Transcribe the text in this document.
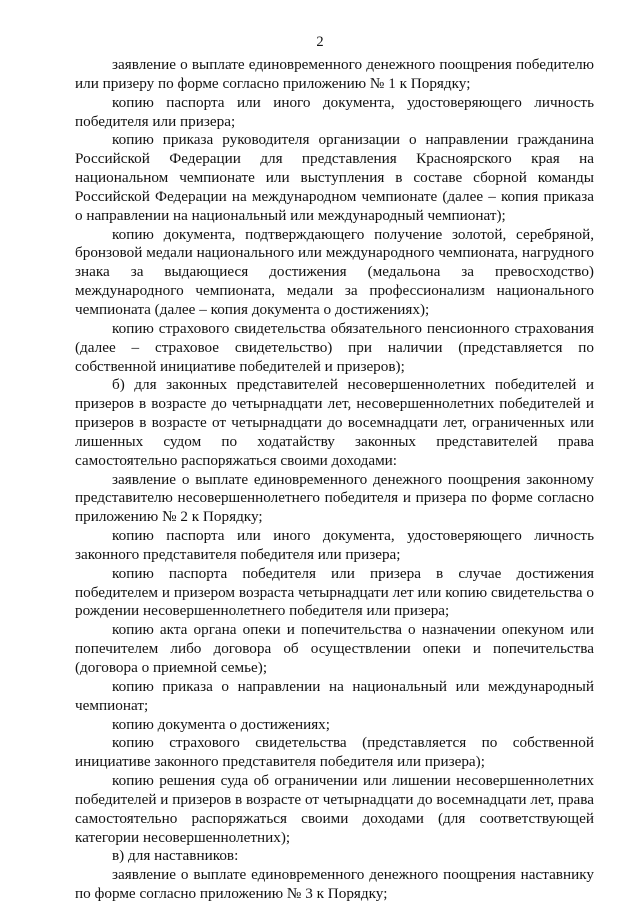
2

заявление о выплате единовременного денежного поощрения победителю или призеру по форме согласно приложению № 1 к Порядку;

копию паспорта или иного документа, удостоверяющего личность победителя или призера;

копию приказа руководителя организации о направлении гражданина Российской Федерации для представления Красноярского края на национальном чемпионате или выступления в составе сборной команды Российской Федерации на международном чемпионате (далее – копия приказа о направлении на национальный или международный чемпионат);

копию документа, подтверждающего получение золотой, серебряной, бронзовой медали национального или международного чемпионата, нагрудного знака за выдающиеся достижения (медальона за превосходство) международного чемпионата, медали за профессионализм национального чемпионата (далее – копия документа о достижениях);

копию страхового свидетельства обязательного пенсионного страхования (далее – страховое свидетельство) при наличии (представляется по собственной инициативе победителей и призеров);

б) для законных представителей несовершеннолетних победителей и призеров в возрасте до четырнадцати лет, несовершеннолетних победителей и призеров в возрасте от четырнадцати до восемнадцати лет, ограниченных или лишенных судом по ходатайству законных представителей права самостоятельно распоряжаться своими доходами:

заявление о выплате единовременного денежного поощрения законному представителю несовершеннолетнего победителя и призера по форме согласно приложению № 2 к Порядку;

копию паспорта или иного документа, удостоверяющего личность законного представителя победителя или призера;

копию паспорта победителя или призера в случае достижения победителем и призером возраста четырнадцати лет или копию свидетельства о рождении несовершеннолетнего победителя или призера;

копию акта органа опеки и попечительства о назначении опекуном или попечителем либо договора об осуществлении опеки и попечительства (договора о приемной семье);

копию приказа о направлении на национальный или международный чемпионат;

копию документа о достижениях;

копию страхового свидетельства (представляется по собственной инициативе законного представителя победителя или призера);

копию решения суда об ограничении или лишении несовершеннолетних победителей и призеров в возрасте от четырнадцати до восемнадцати лет, права самостоятельно распоряжаться своими доходами (для соответствующей категории несовершеннолетних);

в) для наставников:

заявление о выплате единовременного денежного поощрения наставнику по форме согласно приложению № 3 к Порядку;
